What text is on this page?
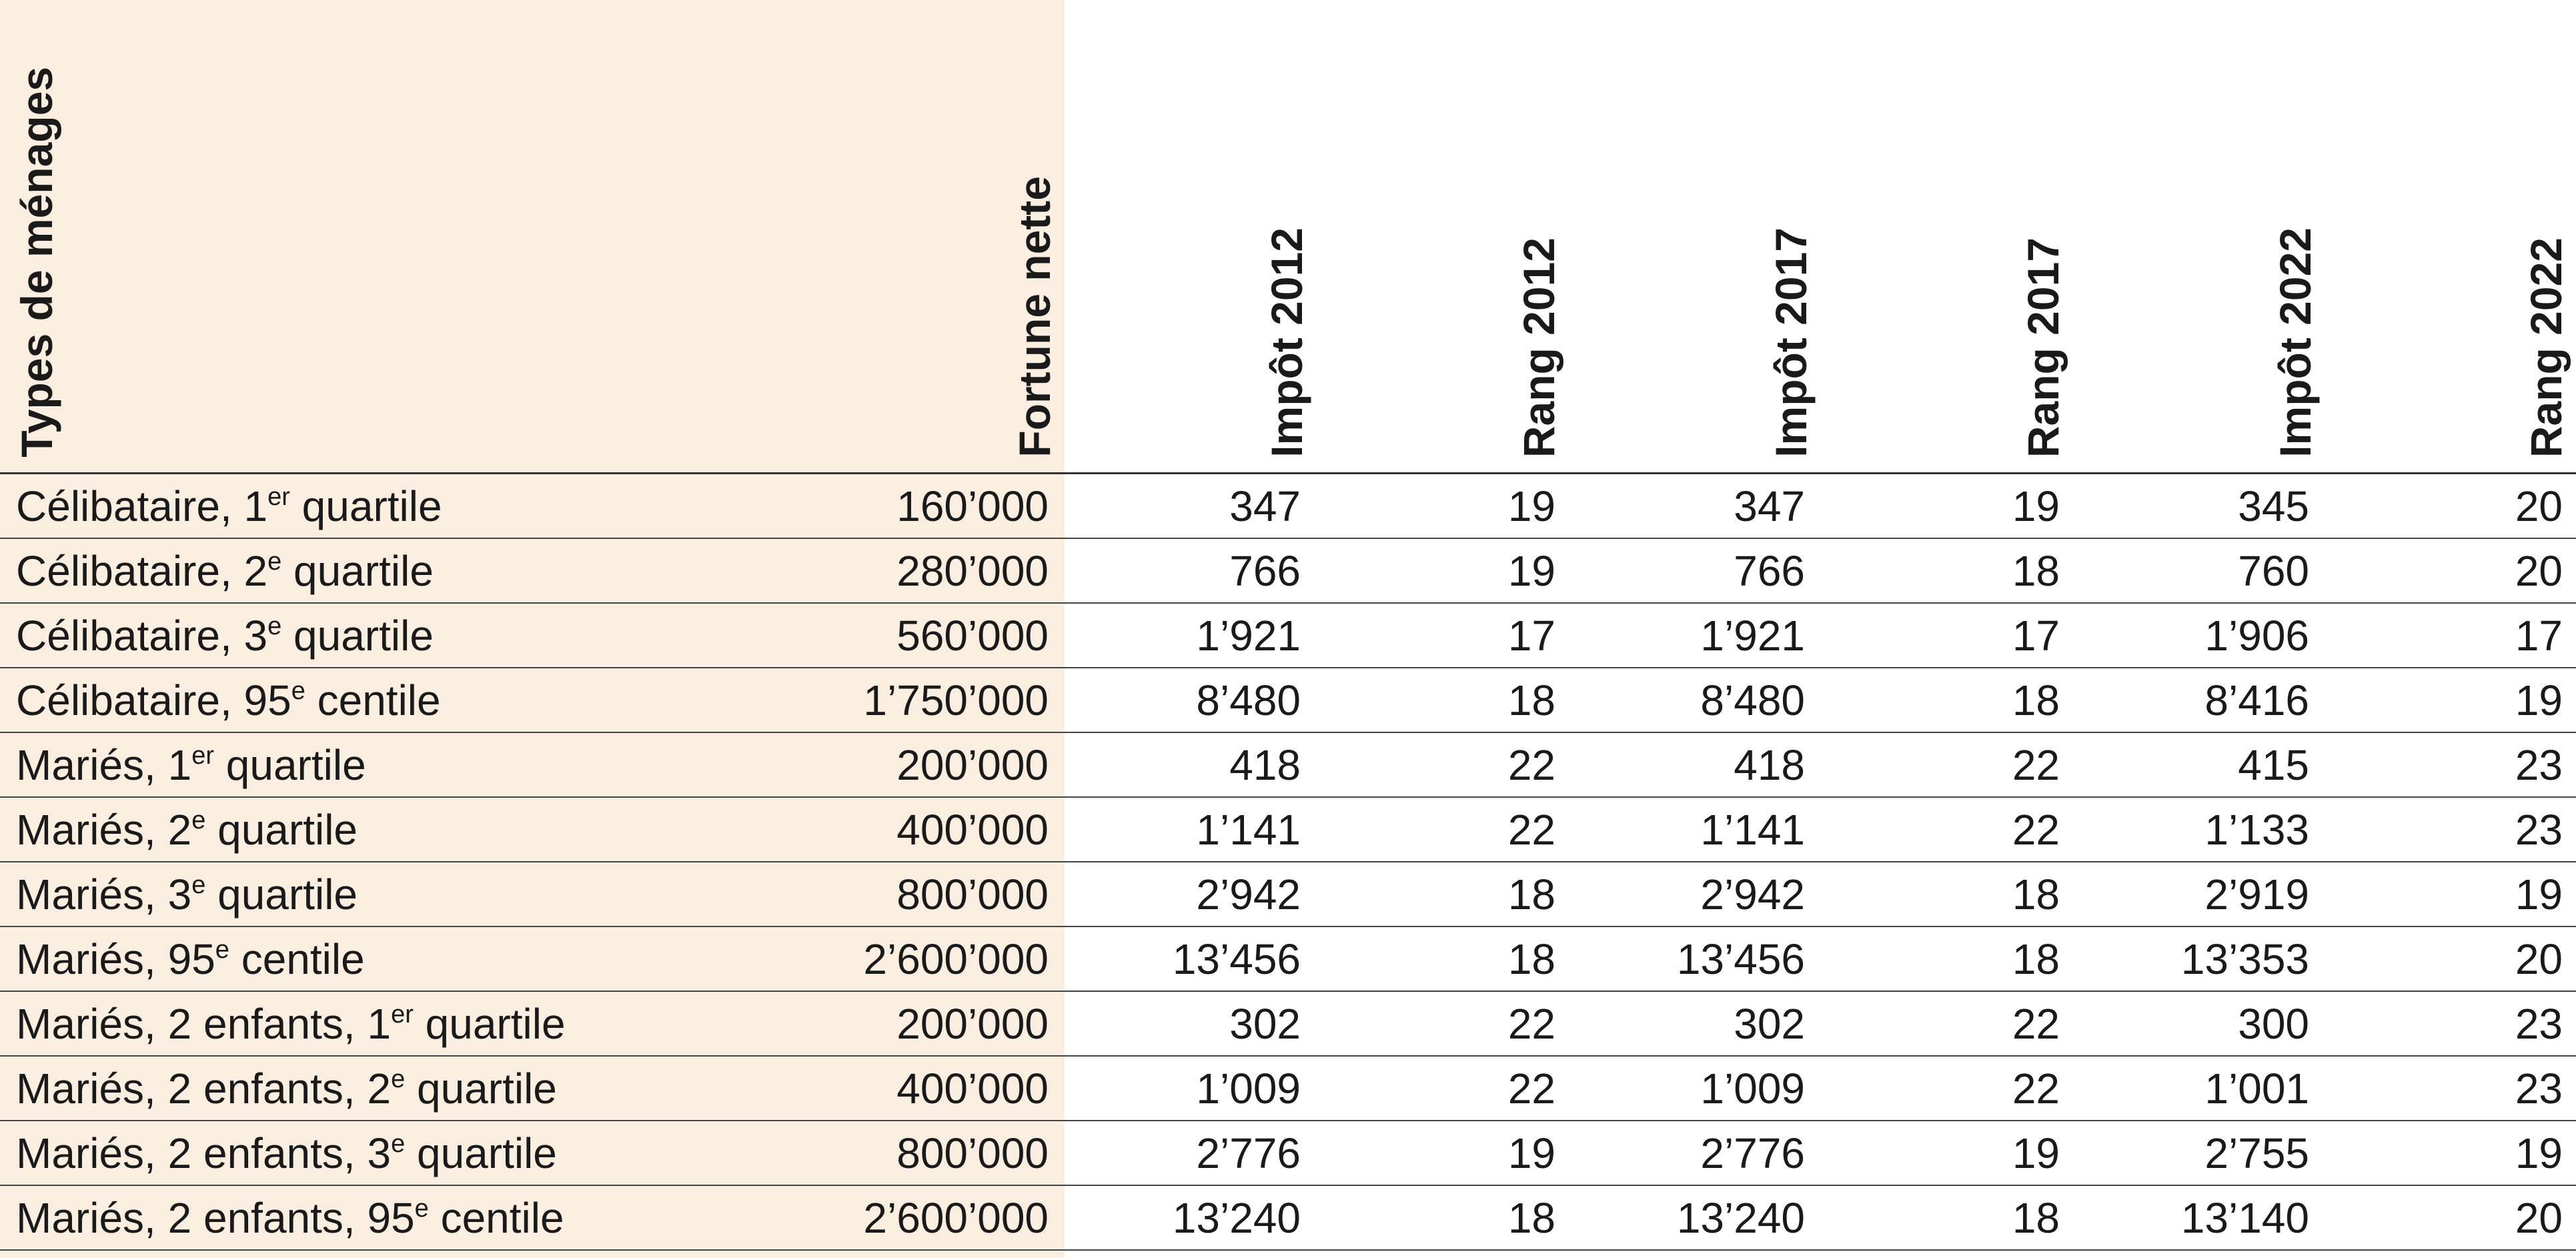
Types de ménages	Fortune nette	Impôt 2012	Rang 2012	Impôt 2017	Rang 2017	Impôt 2022	Rang 2022

Célibataire, 1er quartile	160’000	347	19	347	19	345	20
Célibataire, 2e quartile	280’000	766	19	766	18	760	20
Célibataire, 3e quartile	560’000	1’921	17	1’921	17	1’906	17
Célibataire, 95e centile	1’750’000	8’480	18	8’480	18	8’416	19
Mariés, 1er quartile	200’000	418	22	418	22	415	23
Mariés, 2e quartile	400’000	1’141	22	1’141	22	1’133	23
Mariés, 3e quartile	800’000	2’942	18	2’942	18	2’919	19
Mariés, 95e centile	2’600’000	13’456	18	13’456	18	13’353	20
Mariés, 2 enfants, 1er quartile	200’000	302	22	302	22	300	23
Mariés, 2 enfants, 2e quartile	400’000	1’009	22	1’009	22	1’001	23
Mariés, 2 enfants, 3e quartile	800’000	2’776	19	2’776	19	2’755	19
Mariés, 2 enfants, 95e centile	2’600’000	13’240	18	13’240	18	13’140	20
